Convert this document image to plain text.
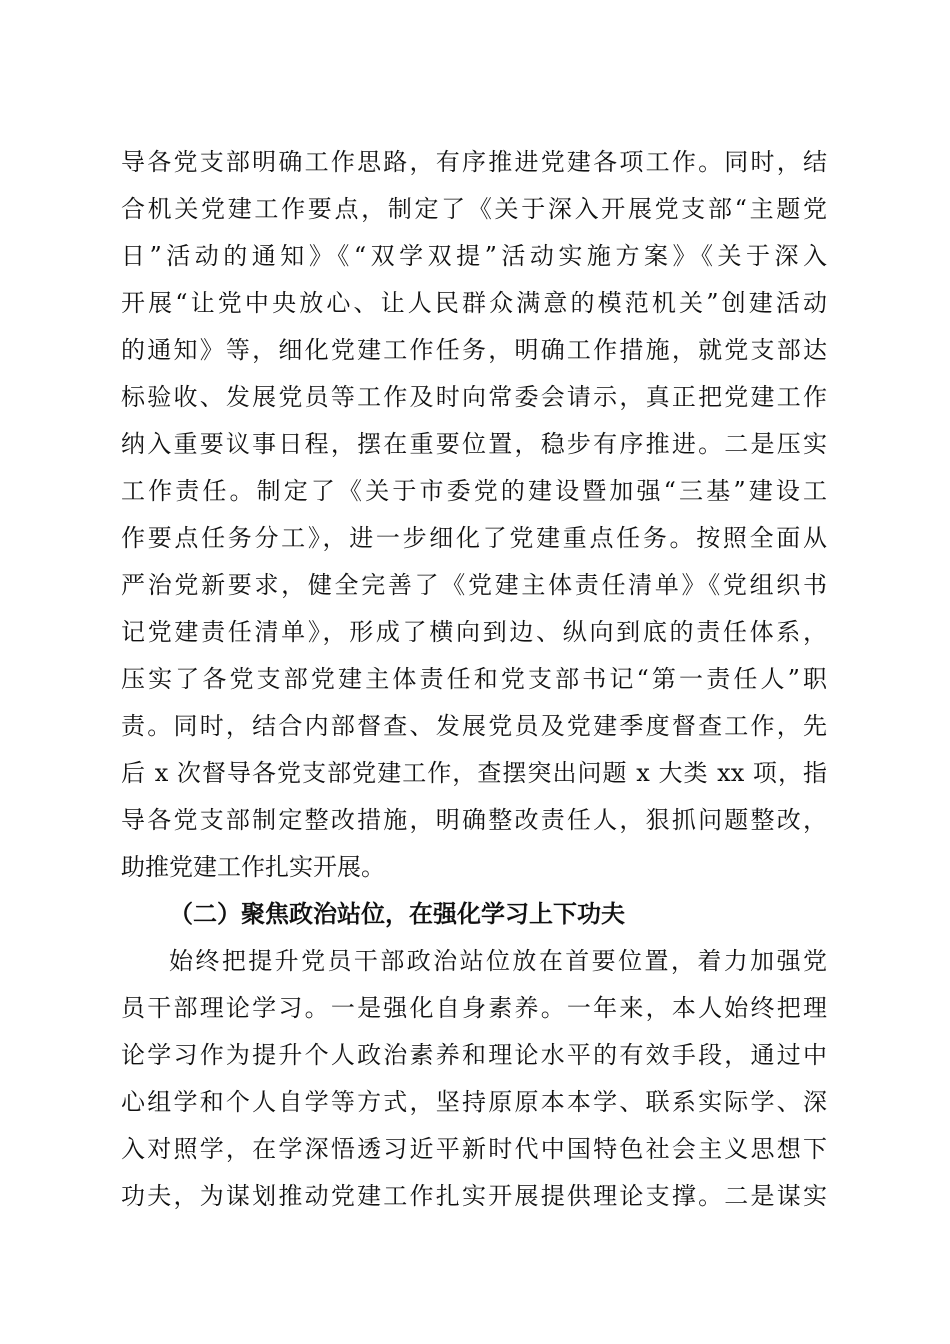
导各党支部明确工作思路，有序推进党建各项工作。同时，结
合机关党建工作要点，制定了《关于深入开展党支部“主题党
日”活动的通知》《“双学双提”活动实施方案》《关于深入
开展“让党中央放心、让人民群众满意的模范机关”创建活动
的通知》等，细化党建工作任务，明确工作措施，就党支部达
标验收、发展党员等工作及时向常委会请示，真正把党建工作
纳入重要议事日程，摆在重要位置，稳步有序推进。二是压实
工作责任。制定了《关于市委党的建设暨加强“三基”建设工
作要点任务分工》，进一步细化了党建重点任务。按照全面从
严治党新要求，健全完善了《党建主体责任清单》《党组织书
记党建责任清单》，形成了横向到边、纵向到底的责任体系，
压实了各党支部党建主体责任和党支部书记“第一责任人”职
责。同时，结合内部督查、发展党员及党建季度督查工作，先
后 x 次督导各党支部党建工作，查摆突出问题 x 大类 xx 项，指
导各党支部制定整改措施，明确整改责任人，狠抓问题整改，
助推党建工作扎实开展。
（二）聚焦政治站位，在强化学习上下功夫
始终把提升党员干部政治站位放在首要位置，着力加强党
员干部理论学习。一是强化自身素养。一年来，本人始终把理
论学习作为提升个人政治素养和理论水平的有效手段，通过中
心组学和个人自学等方式，坚持原原本本学、联系实际学、深
入对照学，在学深悟透习近平新时代中国特色社会主义思想下
功夫，为谋划推动党建工作扎实开展提供理论支撑。二是谋实
